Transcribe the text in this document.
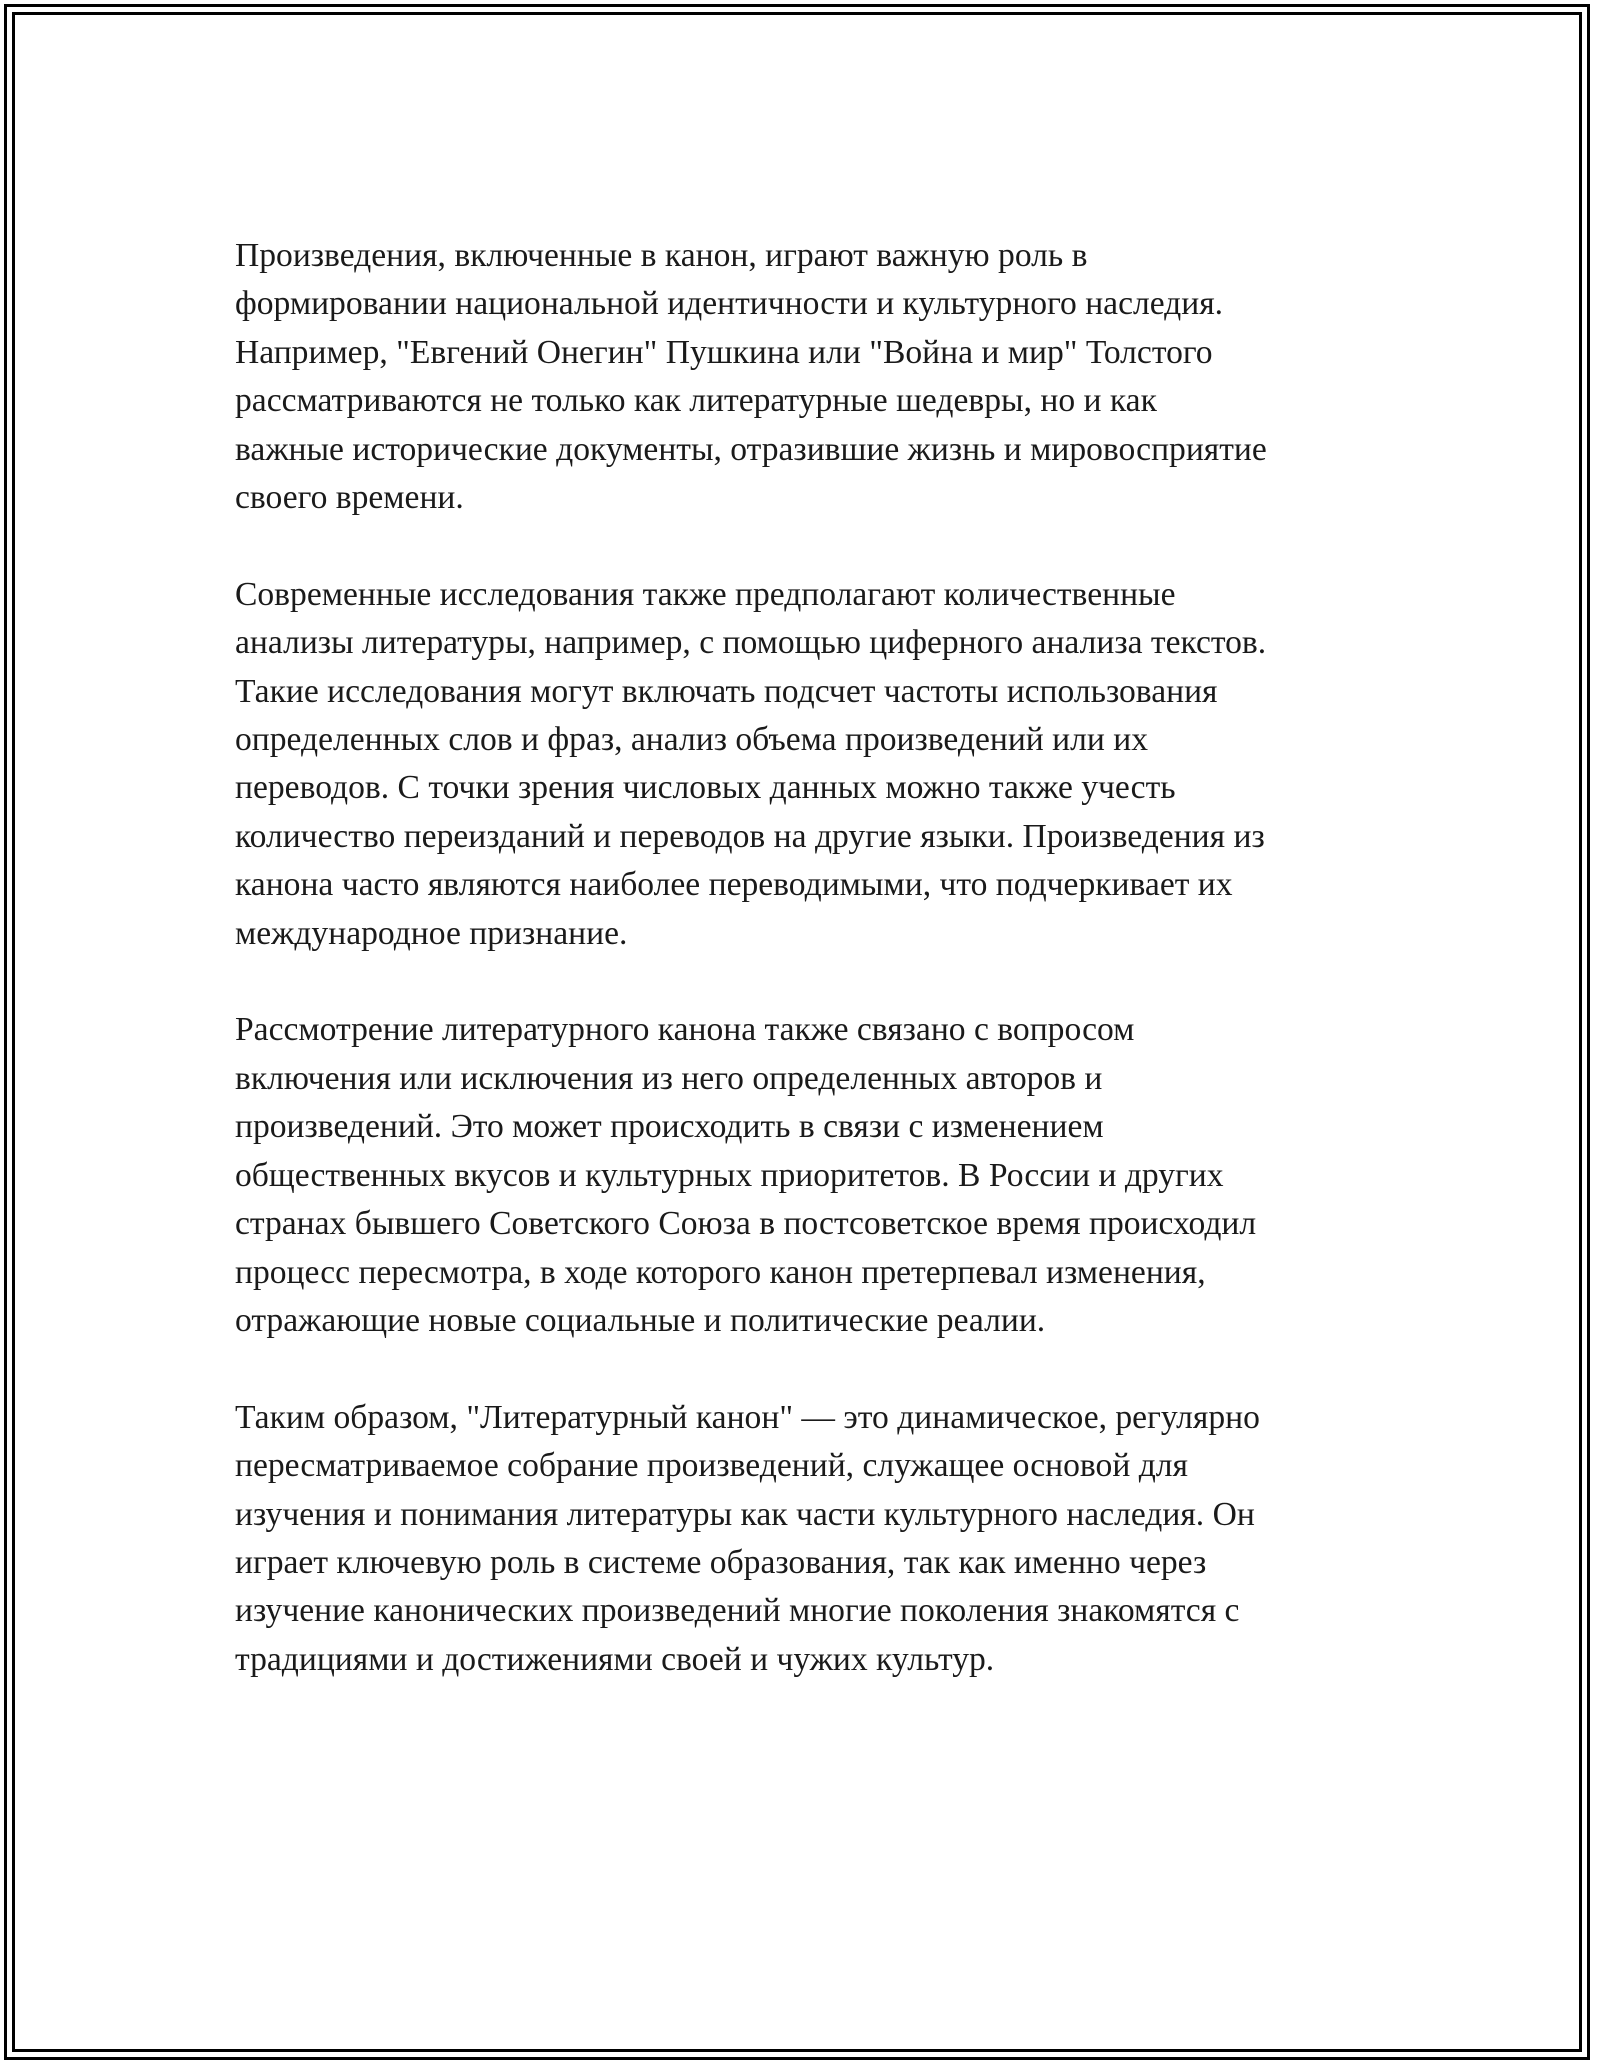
Произведения, включенные в канон, играют важную роль в
формировании национальной идентичности и культурного наследия.
Например, "Евгений Онегин" Пушкина или "Война и мир" Толстого
рассматриваются не только как литературные шедевры, но и как
важные исторические документы, отразившие жизнь и мировосприятие
своего времени.

Современные исследования также предполагают количественные
анализы литературы, например, с помощью циферного анализа текстов.
Такие исследования могут включать подсчет частоты использования
определенных слов и фраз, анализ объема произведений или их
переводов. С точки зрения числовых данных можно также учесть
количество переизданий и переводов на другие языки. Произведения из
канона часто являются наиболее переводимыми, что подчеркивает их
международное признание.

Рассмотрение литературного канона также связано с вопросом
включения или исключения из него определенных авторов и
произведений. Это может происходить в связи с изменением
общественных вкусов и культурных приоритетов. В России и других
странах бывшего Советского Союза в постсоветское время происходил
процесс пересмотра, в ходе которого канон претерпевал изменения,
отражающие новые социальные и политические реалии.

Таким образом, "Литературный канон" — это динамическое, регулярно
пересматриваемое собрание произведений, служащее основой для
изучения и понимания литературы как части культурного наследия. Он
играет ключевую роль в системе образования, так как именно через
изучение канонических произведений многие поколения знакомятся с
традициями и достижениями своей и чужих культур.
